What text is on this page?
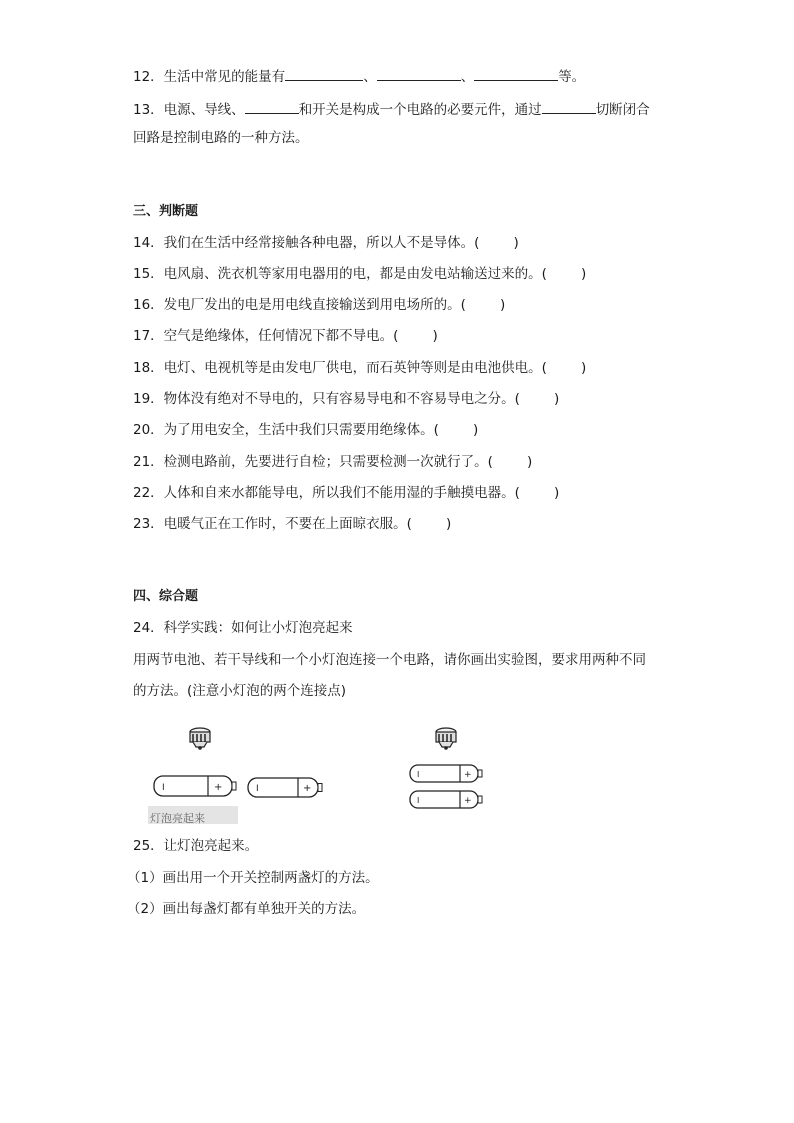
12．生活中常见的能量有	、	、	等。
13．电源、导线、	和开关是构成一个电路的必要元件，通过	切断闭合
回路是控制电路的一种方法。
三、判断题
14．我们在生活中经常接触各种电器，所以人不是导体。(	)
15．电风扇、洗衣机等家用电器用的电，都是由发电站输送过来的。(	)
16．发电厂发出的电是用电线直接输送到用电场所的。(	)
17．空气是绝缘体，任何情况下都不导电。(	)
18．电灯、电视机等是由发电厂供电，而石英钟等则是由电池供电。(	)
19．物体没有绝对不导电的，只有容易导电和不容易导电之分。(	)
20．为了用电安全，生活中我们只需要用绝缘体。(	)
21．检测电路前，先要进行自检；只需要检测一次就行了。(	)
22．人体和自来水都能导电，所以我们不能用湿的手触摸电器。(	)
23．电暖气正在工作时，不要在上面晾衣服。(	)
四、综合题
24．科学实践：如何让小灯泡亮起来
用两节电池、若干导线和一个小灯泡连接一个电路，请你画出实验图，要求用两种不同
的方法。(注意小灯泡的两个连接点)
灯泡亮起来
I	+	I	+
I	+
I	+
25．让灯泡亮起来。
（1）画出用一个开关控制两盏灯的方法。
（2）画出每盏灯都有单独开关的方法。
